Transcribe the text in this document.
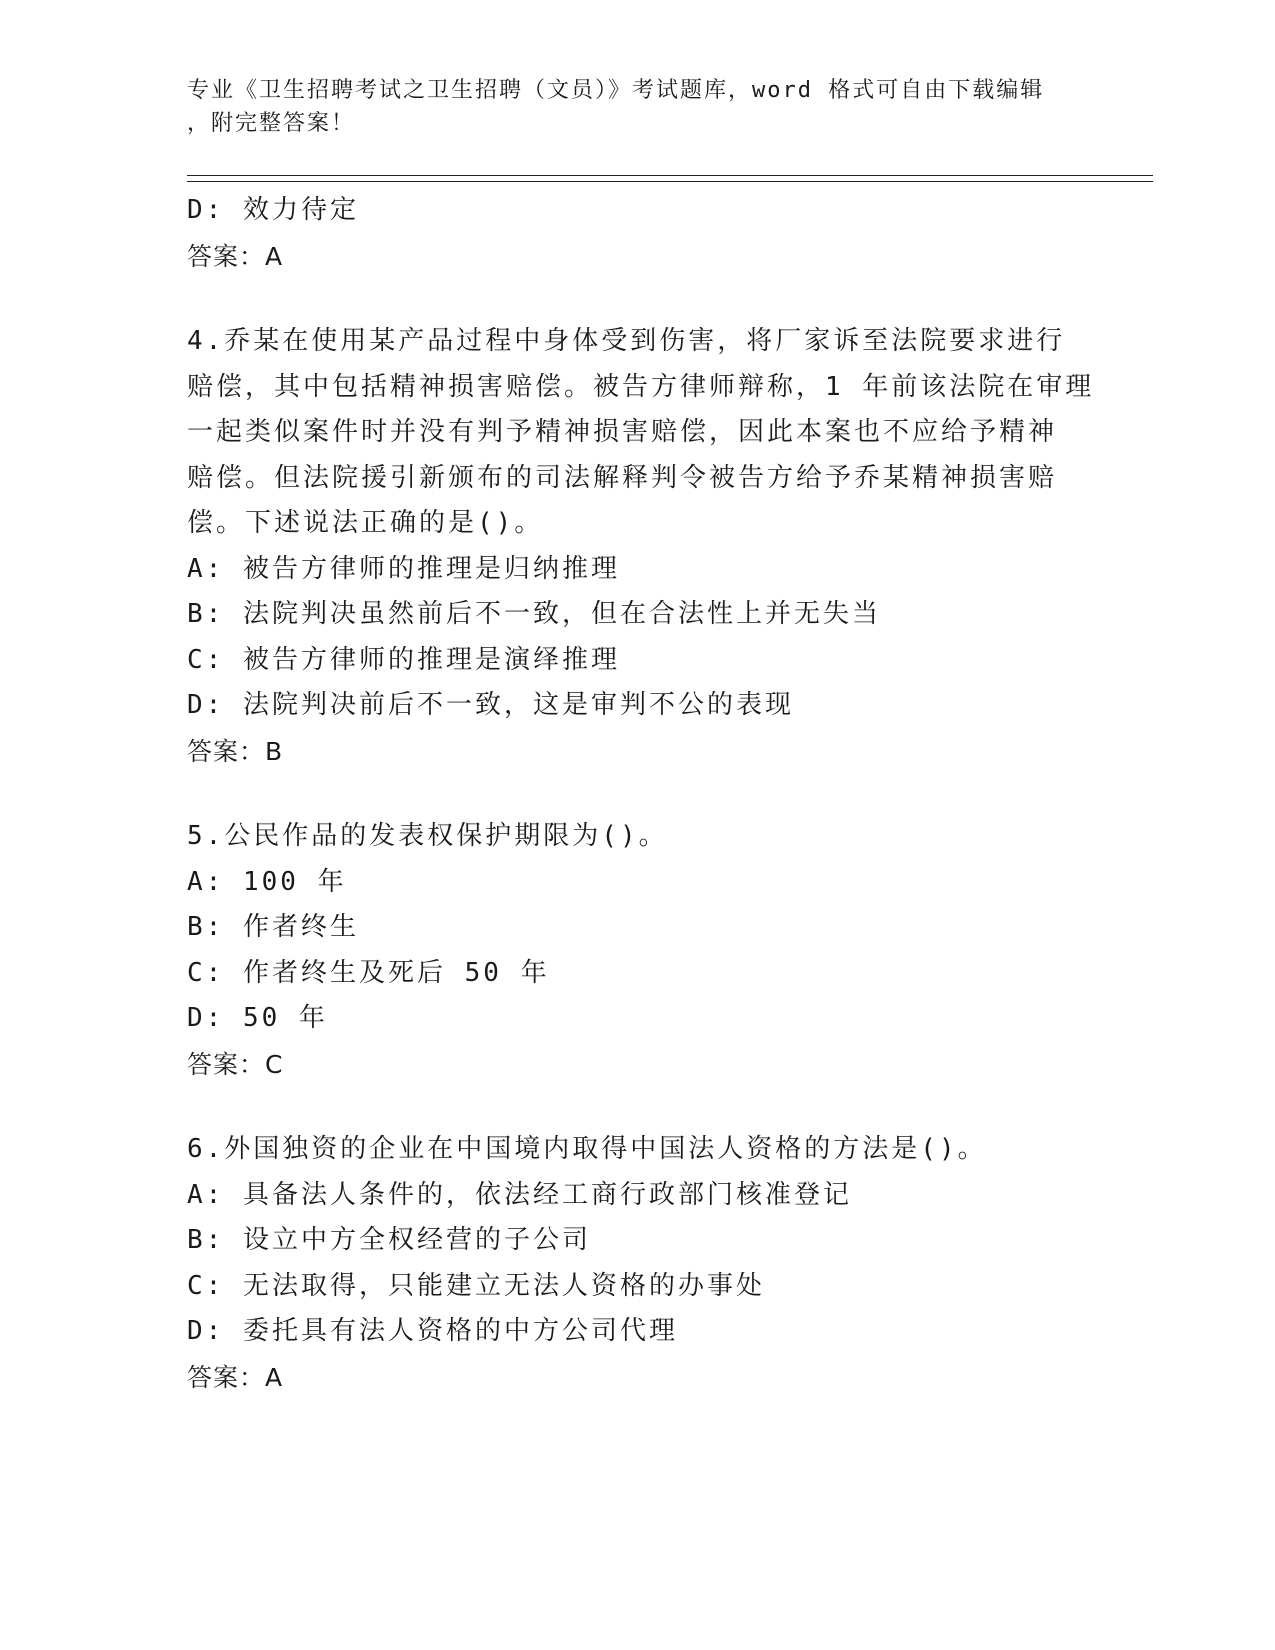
专业《卫生招聘考试之卫生招聘（文员）》考试题库，word 格式可自由下载编辑
，附完整答案！
D: 效力待定
答案：A
4.乔某在使用某产品过程中身体受到伤害，将厂家诉至法院要求进行
赔偿，其中包括精神损害赔偿。被告方律师辩称，1 年前该法院在审理
一起类似案件时并没有判予精神损害赔偿，因此本案也不应给予精神
赔偿。但法院援引新颁布的司法解释判令被告方给予乔某精神损害赔
偿。下述说法正确的是()。
A: 被告方律师的推理是归纳推理
B: 法院判决虽然前后不一致，但在合法性上并无失当
C: 被告方律师的推理是演绎推理
D: 法院判决前后不一致，这是审判不公的表现
答案：B
5.公民作品的发表权保护期限为()。
A: 100 年
B: 作者终生
C: 作者终生及死后 50 年
D: 50 年
答案：C
6.外国独资的企业在中国境内取得中国法人资格的方法是()。
A: 具备法人条件的，依法经工商行政部门核准登记
B: 设立中方全权经营的子公司
C: 无法取得，只能建立无法人资格的办事处
D: 委托具有法人资格的中方公司代理
答案：A
